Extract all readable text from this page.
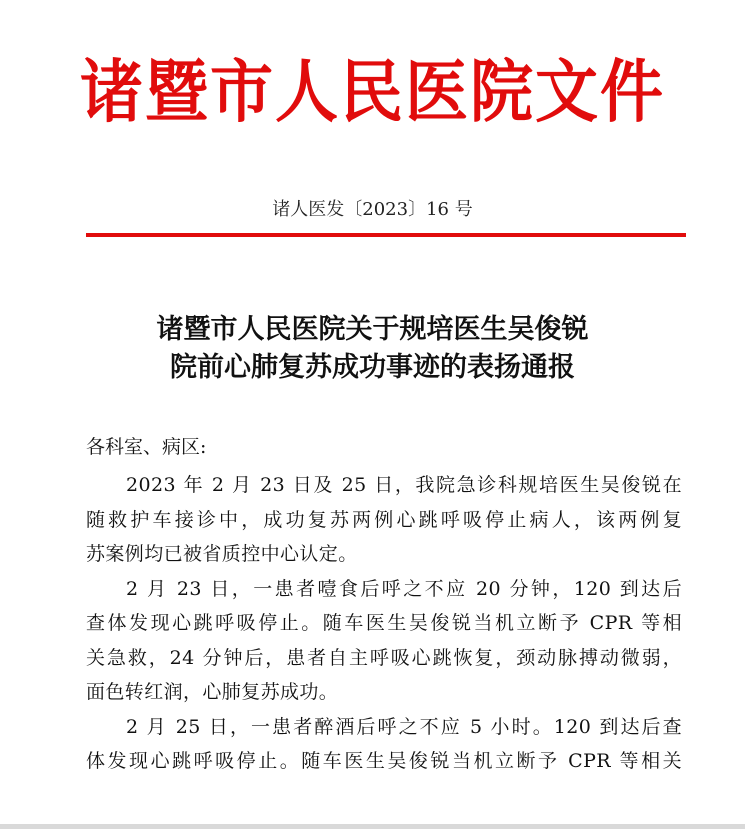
诸暨市人民医院文件
诸人医发〔2023〕16 号
诸暨市人民医院关于规培医生吴俊锐
院前心肺复苏成功事迹的表扬通报
各科室、病区:
2023 年 2 月 23 日及 25 日，我院急诊科规培医生吴俊锐在
随救护车接诊中，成功复苏两例心跳呼吸停止病人，该两例复
苏案例均已被省质控中心认定。
2 月 23 日，一患者噎食后呼之不应 20 分钟，120 到达后
查体发现心跳呼吸停止。随车医生吴俊锐当机立断予 CPR 等相
关急救，24 分钟后，患者自主呼吸心跳恢复，颈动脉搏动微弱，
面色转红润，心肺复苏成功。
2 月 25 日，一患者醉酒后呼之不应 5 小时。120 到达后查
体发现心跳呼吸停止。随车医生吴俊锐当机立断予 CPR 等相关
